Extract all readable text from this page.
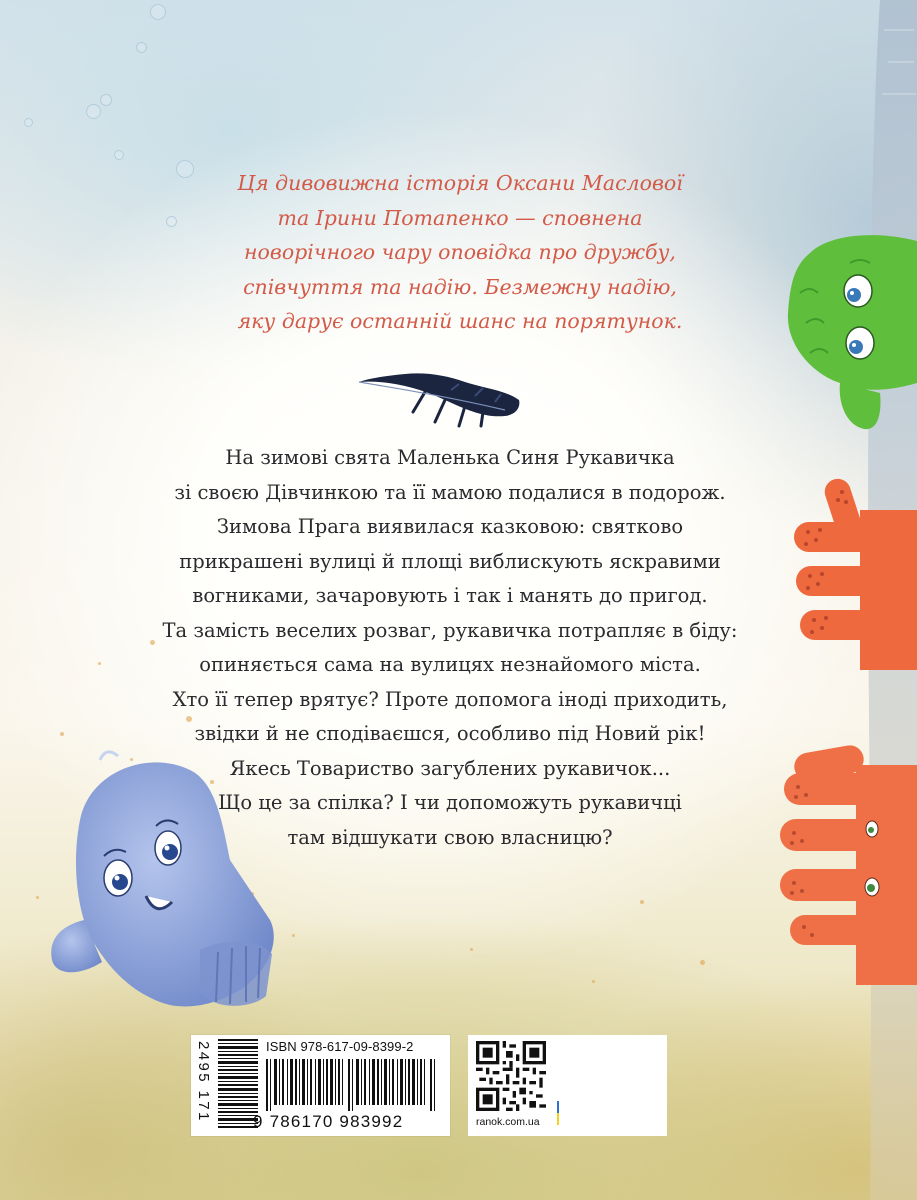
Ця дивовижна історія Оксани Маслової
та Ірини Потапенко — сповнена
новорічного чару оповідка про дружбу,
співчуття та надію. Безмежну надію,
яку дарує останній шанс на порятунок.
На зимові свята Маленька Синя Рукавичка
зі своєю Дівчинкою та її мамою подалися в подорож.
Зимова Прага виявилася казковою: святково
прикрашені вулиці й площі виблискують яскравими
вогниками, зачаровують і так і манять до пригод.
Та замість веселих розваг, рукавичка потрапляє в біду:
опиняється сама на вулицях незнайомого міста.
Хто її тепер врятує? Проте допомога іноді приходить,
звідки й не сподіваєшся, особливо під Новий рік!
Якесь Товариство загублених рукавичок...
Що це за спілка? І чи допоможуть рукавичці
там відшукати свою власницю?
2495 171	ISBN 978-617-09-8399-2
9 786170 983992	ranok.com.ua
